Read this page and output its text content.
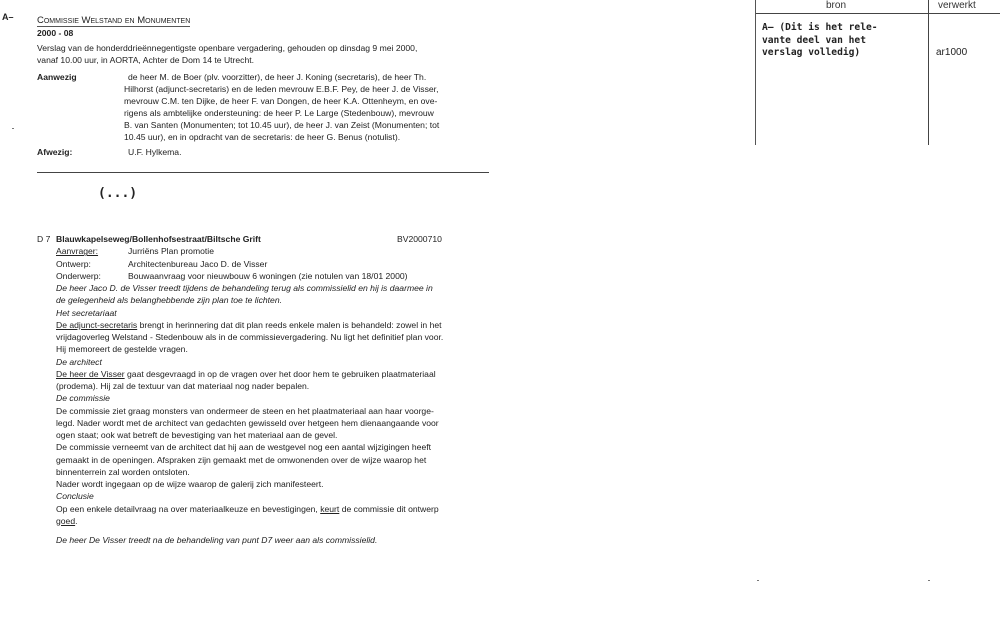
A– Commissie Welstand en Monumenten
2000 - 08
Verslag van de honderddrieënnegentigste openbare vergadering, gehouden op dinsdag 9 mei 2000,
vanaf 10.00 uur, in AORTA, Achter de Dom 14 te Utrecht.
Aanwezig	de heer M. de Boer (plv. voorzitter), de heer J. Koning (secretaris), de heer Th.
Hilhorst (adjunct-secretaris) en de leden mevrouw E.B.F. Pey, de heer J. de Visser,
mevrouw C.M. ten Dijke, de heer F. van Dongen, de heer K.A. Ottenheym, en ove-
rigens als ambtelijke ondersteuning: de heer P. Le Large (Stedenbouw), mevrouw
B. van Santen (Monumenten; tot 10.45 uur), de heer J. van Zeist (Monumenten; tot
10.45 uur), en in opdracht van de secretaris: de heer G. Benus (notulist).
Afwezig:	U.F. Hylkema.
(...)
D 7 Blauwkapelseweg/Bollenhofsestraat/Biltsche Grift	BV2000710
Aanvrager:	Jurriëns Plan promotie
Ontwerp:	Architectenbureau Jaco D. de Visser
Onderwerp:	Bouwaanvraag voor nieuwbouw 6 woningen (zie notulen van 18/01 2000)
De heer Jaco D. de Visser treedt tijdens de behandeling terug als commissielid en hij is daarmee in
de gelegenheid als belanghebbende zijn plan toe te lichten.
Het secretariaat
De adjunct-secretaris brengt in herinnering dat dit plan reeds enkele malen is behandeld: zowel in het
vrijdagoverleg Welstand - Stedenbouw als in de commissievergadering. Nu ligt het definitief plan voor.
Hij memoreert de gestelde vragen.
De architect
De heer de Visser gaat desgevraagd in op de vragen over het door hem te gebruiken plaatmateriaal
(prodema). Hij zal de textuur van dat materiaal nog nader bepalen.
De commissie
De commissie ziet graag monsters van ondermeer de steen en het plaatmateriaal aan haar voorge-
legd. Nader wordt met de architect van gedachten gewisseld over hetgeen hem dienaangaande voor
ogen staat; ook wat betreft de bevestiging van het materiaal aan de gevel.
De commissie verneemt van de architect dat hij aan de westgevel nog een aantal wijzigingen heeft
gemaakt in de openingen. Afspraken zijn gemaakt met de omwonenden over de wijze waarop het
binnenterrein zal worden ontsloten.
Nader wordt ingegaan op de wijze waarop de galerij zich manifesteert.
Conclusie
Op een enkele detailvraag na over materiaalkeuze en bevestigingen, keurt de commissie dit ontwerp
goed.
De heer De Visser treedt na de behandeling van punt D7 weer aan als commissielid.
bron	verwerkt
A– (Dit is het rele-
vante deel van het
verslag volledig)	ar1000
